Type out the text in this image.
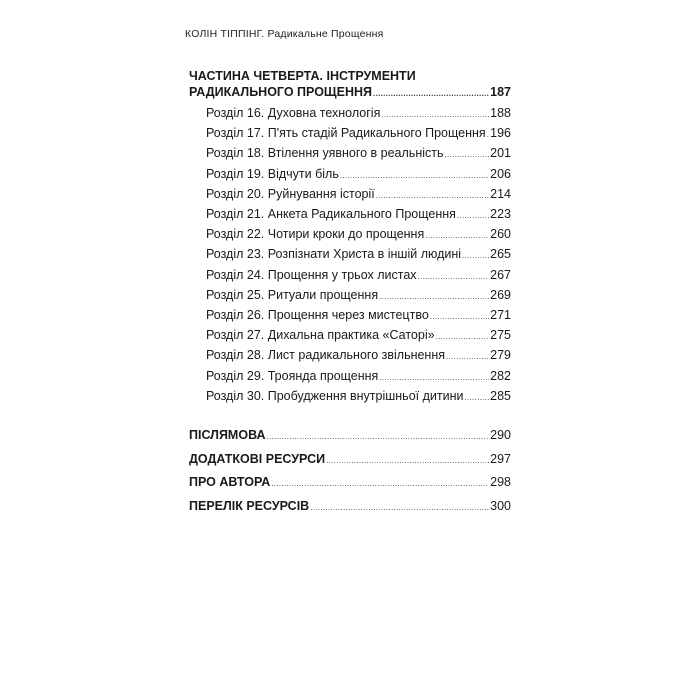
КОЛІН ТІППІНГ. Радикальне Прощення
ЧАСТИНА ЧЕТВЕРТА. ІНСТРУМЕНТИ
РАДИКАЛЬНОГО ПРОЩЕННЯ .....	187
Розділ 16. Духовна технологія .....	188
Розділ 17. П'ять стадій Радикального Прощення ..... 196
Розділ 18. Втілення уявного в реальність .....	201
Розділ 19. Відчути біль .....	206
Розділ 20. Руйнування історії .....	214
Розділ 21. Анкета Радикального Прощення .....	223
Розділ 22. Чотири кроки до прощення .....	260
Розділ 23. Розпізнати Христа в іншій людині ..... 265
Розділ 24. Прощення у трьох листах .....	267
Розділ 25. Ритуали прощення .....	269
Розділ 26. Прощення через мистецтво .....	271
Розділ 27. Дихальна практика «Саторі» .....	275
Розділ 28. Лист радикального звільнення .....	279
Розділ 29. Троянда прощення .....	282
Розділ 30. Пробудження внутрішньої дитини ..... 285
ПІСЛЯМОВА .....	290
ДОДАТКОВІ РЕСУРСИ .....	297
ПРО АВТОРА .....	298
ПЕРЕЛІК РЕСУРСІВ .....	300
